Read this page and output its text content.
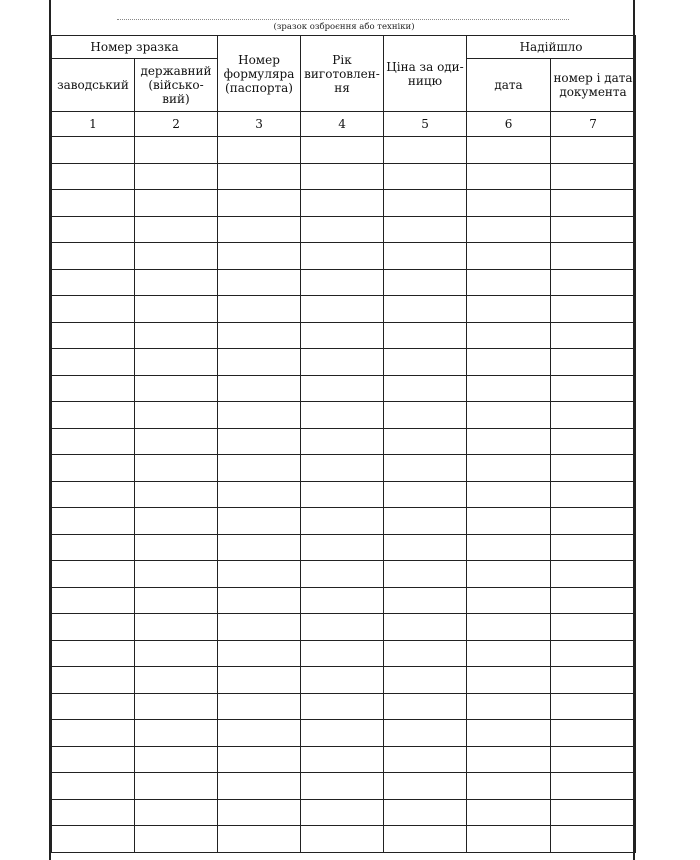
(зразок озброєння або техніки)
Номер зразка		Номер формуляра (паспорта)	Рік виготовлен-ня	Ціна за оди-ницю	Надійшло	
заводський	державний (військо-вий)				дата	номер і дата документа
1	2	3	4	5	6	7
